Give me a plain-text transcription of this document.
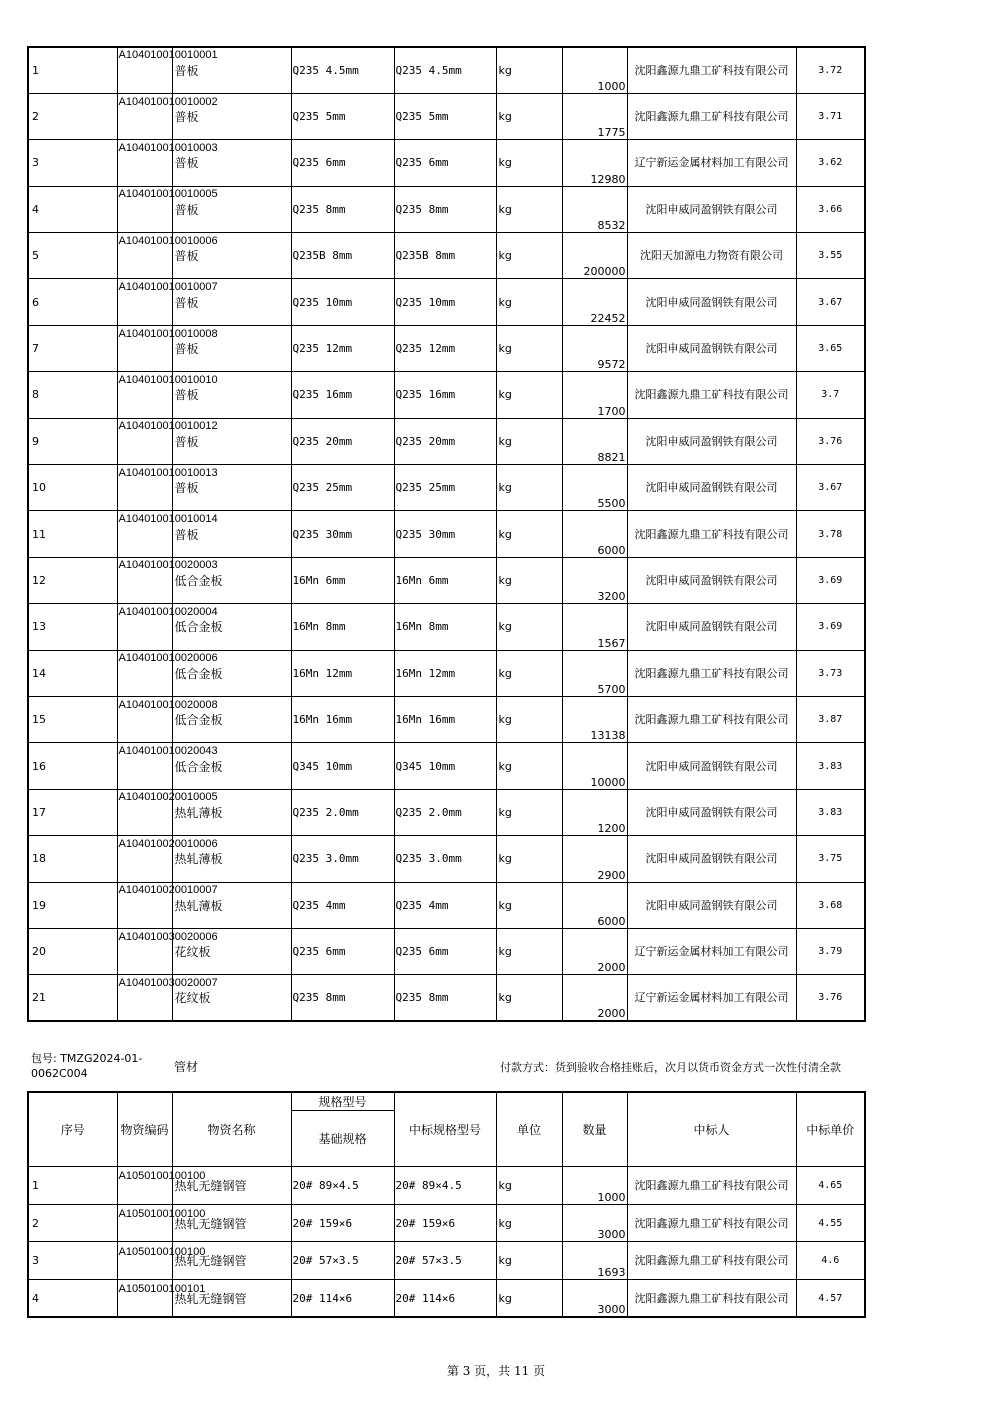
1	A104010010010001	普板	Q235 4.5mm	Q235 4.5mm	kg	1000	沈阳鑫源九鼎工矿科技有限公司	3.72
2	A104010010010002	普板	Q235 5mm	Q235 5mm	kg	1775	沈阳鑫源九鼎工矿科技有限公司	3.71
3	A104010010010003	普板	Q235 6mm	Q235 6mm	kg	12980	辽宁新运金属材料加工有限公司	3.62
4	A104010010010005	普板	Q235 8mm	Q235 8mm	kg	8532	沈阳申威同盈钢铁有限公司	3.66
5	A104010010010006	普板	Q235B 8mm	Q235B 8mm	kg	200000	沈阳天加源电力物资有限公司	3.55
6	A104010010010007	普板	Q235 10mm	Q235 10mm	kg	22452	沈阳申威同盈钢铁有限公司	3.67
7	A104010010010008	普板	Q235 12mm	Q235 12mm	kg	9572	沈阳申威同盈钢铁有限公司	3.65
8	A104010010010010	普板	Q235 16mm	Q235 16mm	kg	1700	沈阳鑫源九鼎工矿科技有限公司	3.7
9	A104010010010012	普板	Q235 20mm	Q235 20mm	kg	8821	沈阳申威同盈钢铁有限公司	3.76
10	A104010010010013	普板	Q235 25mm	Q235 25mm	kg	5500	沈阳申威同盈钢铁有限公司	3.67
11	A104010010010014	普板	Q235 30mm	Q235 30mm	kg	6000	沈阳鑫源九鼎工矿科技有限公司	3.78
12	A104010010020003	低合金板	16Mn 6mm	16Mn 6mm	kg	3200	沈阳申威同盈钢铁有限公司	3.69
13	A104010010020004	低合金板	16Mn 8mm	16Mn 8mm	kg	1567	沈阳申威同盈钢铁有限公司	3.69
14	A104010010020006	低合金板	16Mn 12mm	16Mn 12mm	kg	5700	沈阳鑫源九鼎工矿科技有限公司	3.73
15	A104010010020008	低合金板	16Mn 16mm	16Mn 16mm	kg	13138	沈阳鑫源九鼎工矿科技有限公司	3.87
16	A104010010020043	低合金板	Q345 10mm	Q345 10mm	kg	10000	沈阳申威同盈钢铁有限公司	3.83
17	A104010020010005	热轧薄板	Q235 2.0mm	Q235 2.0mm	kg	1200	沈阳申威同盈钢铁有限公司	3.83
18	A104010020010006	热轧薄板	Q235 3.0mm	Q235 3.0mm	kg	2900	沈阳申威同盈钢铁有限公司	3.75
19	A104010020010007	热轧薄板	Q235 4mm	Q235 4mm	kg	6000	沈阳申威同盈钢铁有限公司	3.68
20	A104010030020006	花纹板	Q235 6mm	Q235 6mm	kg	2000	辽宁新运金属材料加工有限公司	3.79
21	A104010030020007	花纹板	Q235 8mm	Q235 8mm	kg	2000	辽宁新运金属材料加工有限公司	3.76
包号: TMZG2024-01-0062C004	管材	付款方式：货到验收合格挂账后，次月以货币资金方式一次性付清全款
序号	物资编码	物资名称	规格型号	中标规格型号	单位	数量	中标人	中标单价
			基础规格					
1	A1050100100100	热轧无缝钢管	20# 89×4.5	20# 89×4.5	kg	1000	沈阳鑫源九鼎工矿科技有限公司	4.65
2	A1050100100100	热轧无缝钢管	20# 159×6	20# 159×6	kg	3000	沈阳鑫源九鼎工矿科技有限公司	4.55
3	A1050100100100	热轧无缝钢管	20# 57×3.5	20# 57×3.5	kg	1693	沈阳鑫源九鼎工矿科技有限公司	4.6
4	A1050100100101	热轧无缝钢管	20# 114×6	20# 114×6	kg	3000	沈阳鑫源九鼎工矿科技有限公司	4.57
第 3 页，共 11 页
